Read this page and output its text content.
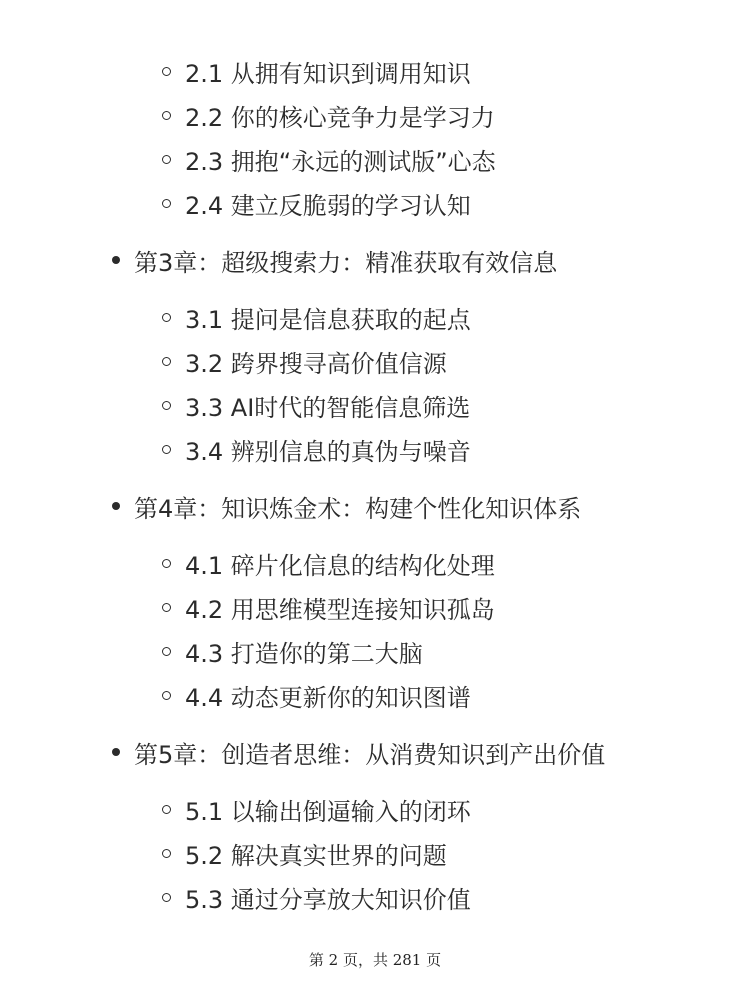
2.1 从拥有知识到调用知识
2.2 你的核心竞争力是学习力
2.3 拥抱“永远的测试版”心态
2.4 建立反脆弱的学习认知
第3章：超级搜索力：精准获取有效信息
3.1 提问是信息获取的起点
3.2 跨界搜寻高价值信源
3.3 AI时代的智能信息筛选
3.4 辨别信息的真伪与噪音
第4章：知识炼金术：构建个性化知识体系
4.1 碎片化信息的结构化处理
4.2 用思维模型连接知识孤岛
4.3 打造你的第二大脑
4.4 动态更新你的知识图谱
第5章：创造者思维：从消费知识到产出价值
5.1 以输出倒逼输入的闭环
5.2 解决真实世界的问题
5.3 通过分享放大知识价值
第 2 页，共 281 页
